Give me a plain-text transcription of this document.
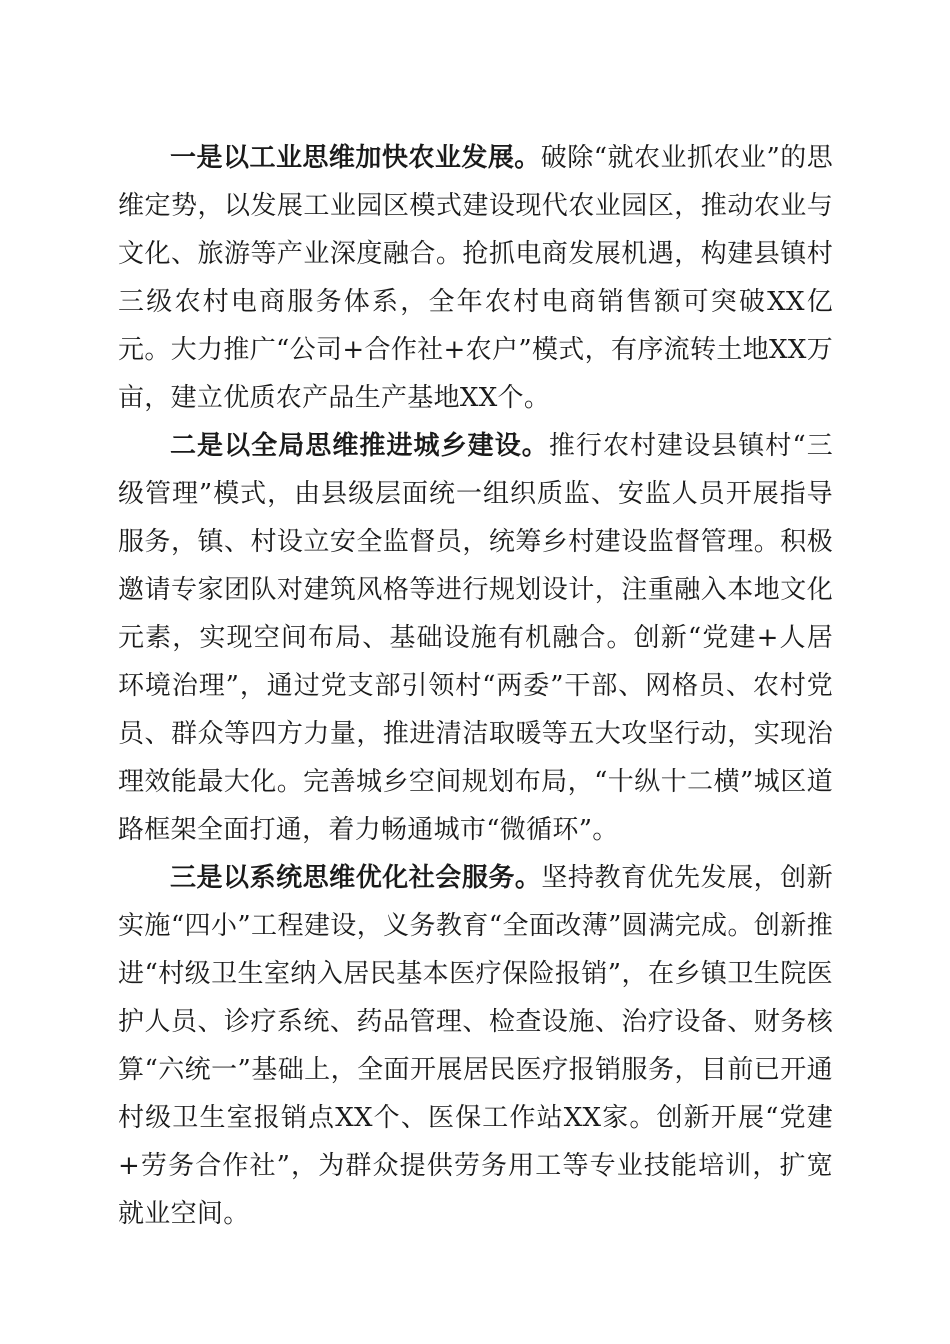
一是以工业思维加快农业发展。破除“就农业抓农业”的思维定势，以发展工业园区模式建设现代农业园区，推动农业与文化、旅游等产业深度融合。抢抓电商发展机遇，构建县镇村三级农村电商服务体系，全年农村电商销售额可突破XX亿元。大力推广“公司+合作社+农户”模式，有序流转土地XX万亩，建立优质农产品生产基地XX个。

二是以全局思维推进城乡建设。推行农村建设县镇村“三级管理”模式，由县级层面统一组织质监、安监人员开展指导服务，镇、村设立安全监督员，统筹乡村建设监督管理。积极邀请专家团队对建筑风格等进行规划设计，注重融入本地文化元素，实现空间布局、基础设施有机融合。创新“党建+人居环境治理”，通过党支部引领村“两委”干部、网格员、农村党员、群众等四方力量，推进清洁取暖等五大攻坚行动，实现治理效能最大化。完善城乡空间规划布局，“十纵十二横”城区道路框架全面打通，着力畅通城市“微循环”。

三是以系统思维优化社会服务。坚持教育优先发展，创新实施“四小”工程建设，义务教育“全面改薄”圆满完成。创新推进“村级卫生室纳入居民基本医疗保险报销”，在乡镇卫生院医护人员、诊疗系统、药品管理、检查设施、治疗设备、财务核算“六统一”基础上，全面开展居民医疗报销服务，目前已开通村级卫生室报销点XX个、医保工作站XX家。创新开展“党建+劳务合作社”，为群众提供劳务用工等专业技能培训，扩宽就业空间。
